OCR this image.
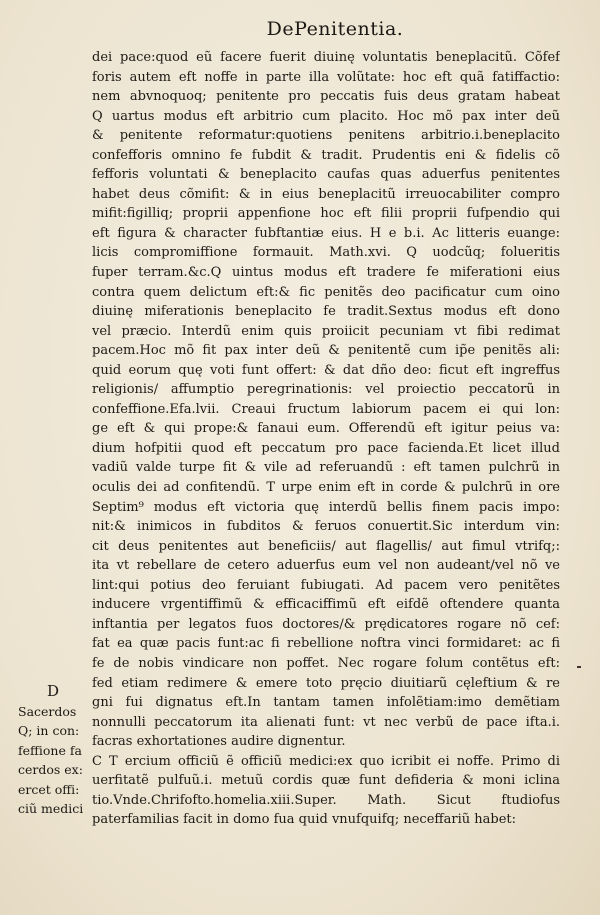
DePenitentia.
dei pace:quod eũ facere fuerit diuinę voluntatis beneplacitũ. Cõfef
foris autem eft noffe in parte illa volũtate: hoc eft quã fatiffactio:
nem abvnoquoq; penitente pro peccatis fuis deus gratam habeat
Q uartus modus eft arbitrio cum placito. Hoc mõ pax inter deũ
& penitente reformatur:quotiens penitens arbitrio.i.beneplacito
confefforis omnino fe fubdit & tradit. Prudentis eni & fidelis cõ
fefforis voluntati & beneplacito caufas quas aduerfus penitentes
habet deus cõmifit: & in eius beneplacitũ irreuocabiliter compro
mifit:figilliq; proprii appenfione hoc eft filii proprii fufpendio qui
eft figura & character fubftantiæ eius. H e b.i. Ac litteris euange:
licis compromiffione formauit. Math.xvi. Q uodcũq; folueritis
fuper terram.&c.Q uintus modus eft tradere fe miferationi eius
contra quem delictum eft:& fic penitẽs deo pacificatur cum oino
diuinę miferationis beneplacito fe tradit.Sextus modus eft dono
vel præcio. Interdũ enim quis proiicit pecuniam vt fibi redimat
pacem.Hoc mõ fit pax inter deũ & penitentẽ cum ip̃e penitẽs ali:
quid eorum quę voti funt offert: & dat dño deo: ficut eft ingreffus
religionis/ affumptio peregrinationis: vel proiectio peccatorũ in
confeffione.Efa.lvii. Creaui fructum labiorum pacem ei qui lon:
ge eft & qui prope:& fanaui eum. Offerendũ eft igitur peius va:
dium hofpitii quod eft peccatum pro pace facienda.Et licet illud
vadiũ valde turpe fit & vile ad referuandũ : eft tamen pulchrũ in
oculis dei ad confitendũ. T urpe enim eft in corde & pulchrũ in ore
Septim⁹ modus eft victoria quę interdũ bellis finem pacis impo:
nit:& inimicos in fubditos & feruos conuertit.Sic interdum vin:
cit deus penitentes aut beneficiis/ aut flagellis/ aut fimul vtrifq;:
ita vt rebellare de cetero aduerfus eum vel non audeant/vel nõ ve
lint:qui potius deo feruiant fubiugati. Ad pacem vero penitẽtes
inducere vrgentiffimũ & efficaciffimũ eft eifdẽ oftendere quanta
inftantia per legatos fuos doctores/& prędicatores rogare nõ cef:
fat ea quæ pacis funt:ac fi rebellione noftra vinci formidaret: ac fi
fe de nobis vindicare non poffet. Nec rogare folum contẽtus eft:
fed etiam redimere & emere toto pręcio diuitiarũ cęleftium & re
gni fui dignatus eft.In tantam tamen infolẽtiam:imo demẽtiam
nonnulli peccatorum ita alienati funt: vt nec verbũ de pace ifta.i.
facras exhortationes audire dignentur.
C T ercium officiũ ẽ officiũ medici:ex quo icribit ei noffe. Primo di
uerfitatẽ pulfuũ.i. metuũ cordis quæ funt defideria & moni iclina
tio.Vnde.Chrifofto.homelia.xiii.Super. Math. Sicut ftudiofus
paterfamilias facit in domo fua quid vnufquifq; neceffariũ habet:
D
Sacerdos
Q; in con:
feffione fa
cerdos ex:
ercet offi:
ciũ medici
